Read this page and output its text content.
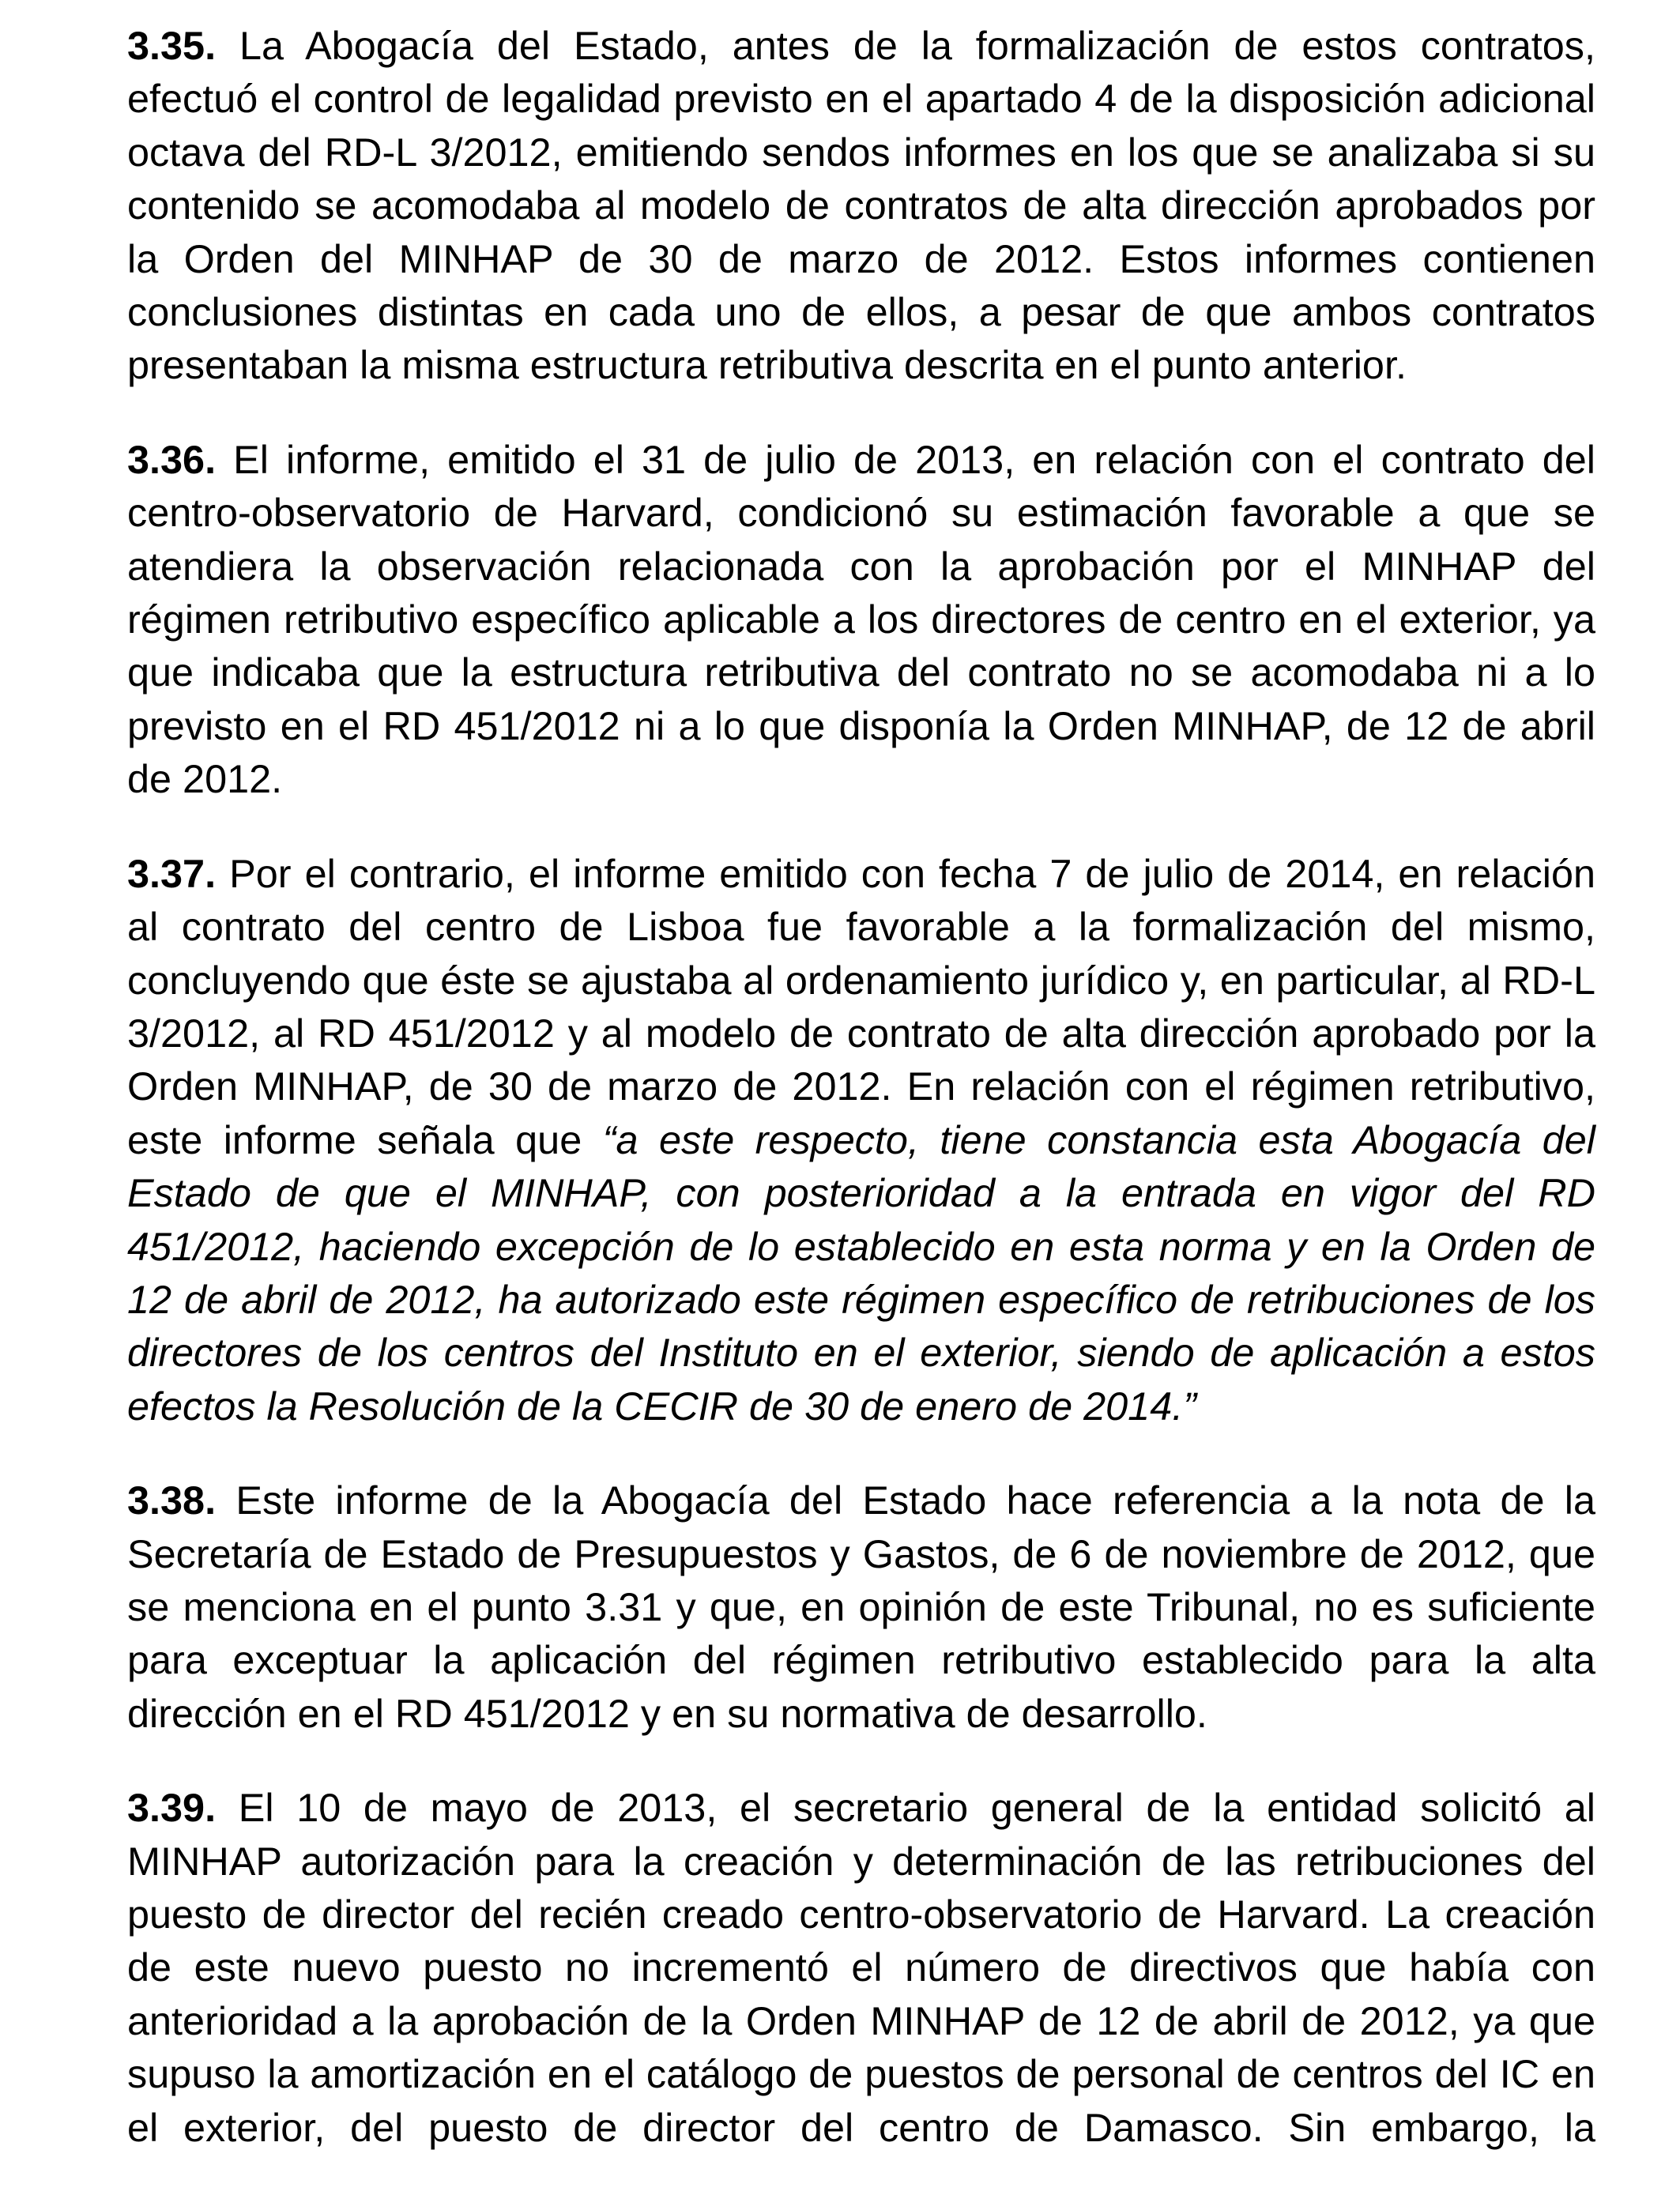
3.35. La Abogacía del Estado, antes de la formalización de estos contratos, efectuó el control de legalidad previsto en el apartado 4 de la disposición adicional octava del RD-L 3/2012, emitiendo sendos informes en los que se analizaba si su contenido se acomodaba al modelo de contratos de alta dirección aprobados por la Orden del MINHAP de 30 de marzo de 2012. Estos informes contienen conclusiones distintas en cada uno de ellos, a pesar de que ambos contratos presentaban la misma estructura retributiva descrita en el punto anterior.

3.36. El informe, emitido el 31 de julio de 2013, en relación con el contrato del centro-observatorio de Harvard, condicionó su estimación favorable a que se atendiera la observación relacionada con la aprobación por el MINHAP del régimen retributivo específico aplicable a los directores de centro en el exterior, ya que indicaba que la estructura retributiva del contrato no se acomodaba ni a lo previsto en el RD 451/2012 ni a lo que disponía la Orden MINHAP, de 12 de abril de 2012.

3.37. Por el contrario, el informe emitido con fecha 7 de julio de 2014, en relación al contrato del centro de Lisboa fue favorable a la formalización del mismo, concluyendo que éste se ajustaba al ordenamiento jurídico y, en particular, al RD-L 3/2012, al RD 451/2012 y al modelo de contrato de alta dirección aprobado por la Orden MINHAP, de 30 de marzo de 2012. En relación con el régimen retributivo, este informe señala que “a este respecto, tiene constancia esta Abogacía del Estado de que el MINHAP, con posterioridad a la entrada en vigor del RD 451/2012, haciendo excepción de lo establecido en esta norma y en la Orden de 12 de abril de 2012, ha autorizado este régimen específico de retribuciones de los directores de los centros del Instituto en el exterior, siendo de aplicación a estos efectos la Resolución de la CECIR de 30 de enero de 2014.”

3.38. Este informe de la Abogacía del Estado hace referencia a la nota de la Secretaría de Estado de Presupuestos y Gastos, de 6 de noviembre de 2012, que se menciona en el punto 3.31 y que, en opinión de este Tribunal, no es suficiente para exceptuar la aplicación del régimen retributivo establecido para la alta dirección en el RD 451/2012 y en su normativa de desarrollo.

3.39. El 10 de mayo de 2013, el secretario general de la entidad solicitó al MINHAP autorización para la creación y determinación de las retribuciones del puesto de director del recién creado centro-observatorio de Harvard. La creación de este nuevo puesto no incrementó el número de directivos que había con anterioridad a la aprobación de la Orden MINHAP de 12 de abril de 2012, ya que supuso la amortización en el catálogo de puestos de personal de centros del IC en el exterior, del puesto de director del centro de Damasco. Sin embargo, la
